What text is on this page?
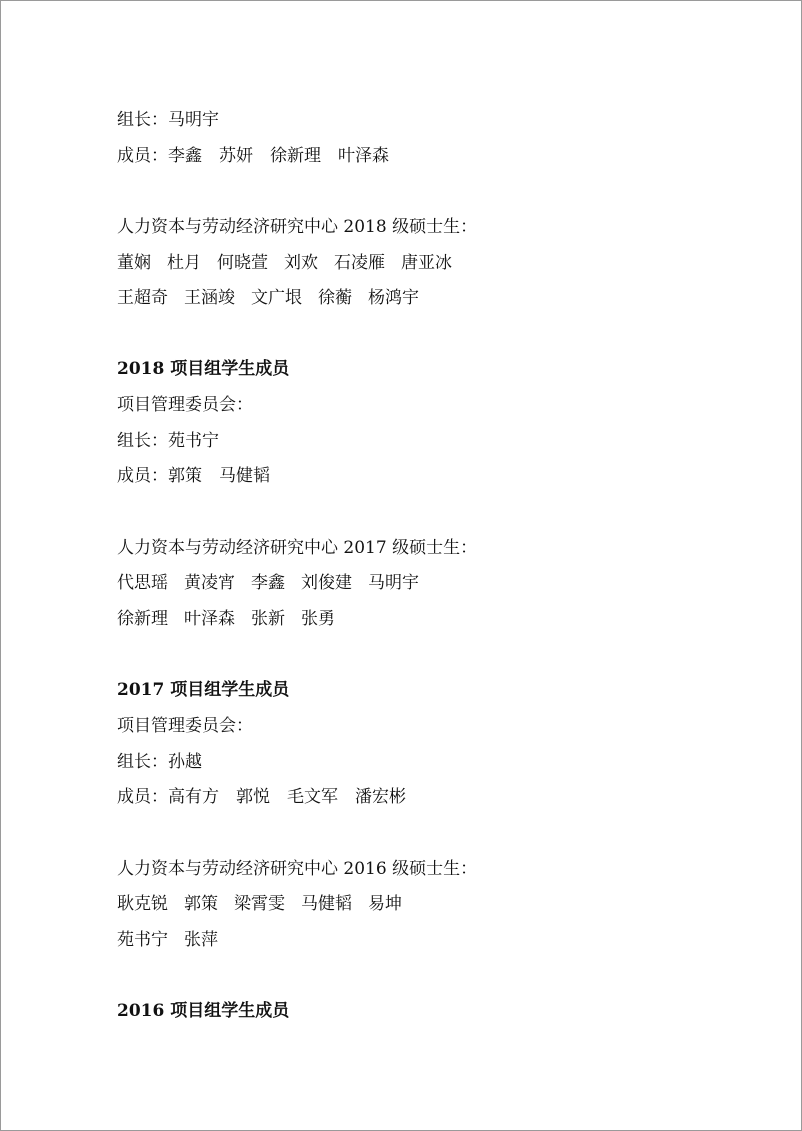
组长：马明宇
成员：李鑫　苏妍　徐新理　叶泽森
人力资本与劳动经济研究中心 2018 级硕士生：
董娴 杜月 何晓萱 刘欢 石凌雁 唐亚冰
王超奇 王涵竣 文广垠 徐蘅 杨鸿宇
2018 项目组学生成员
项目管理委员会：
组长：苑书宁
成员：郭策　马健韬
人力资本与劳动经济研究中心 2017 级硕士生：
代思瑶 黄凌宵 李鑫 刘俊建 马明宇
徐新理 叶泽森 张新 张勇
2017 项目组学生成员
项目管理委员会：
组长：孙越
成员：高有方　郭悦　毛文军　潘宏彬
人力资本与劳动经济研究中心 2016 级硕士生：
耿克锐 郭策 梁霄雯 马健韬 易坤
苑书宁 张萍
2016 项目组学生成员
